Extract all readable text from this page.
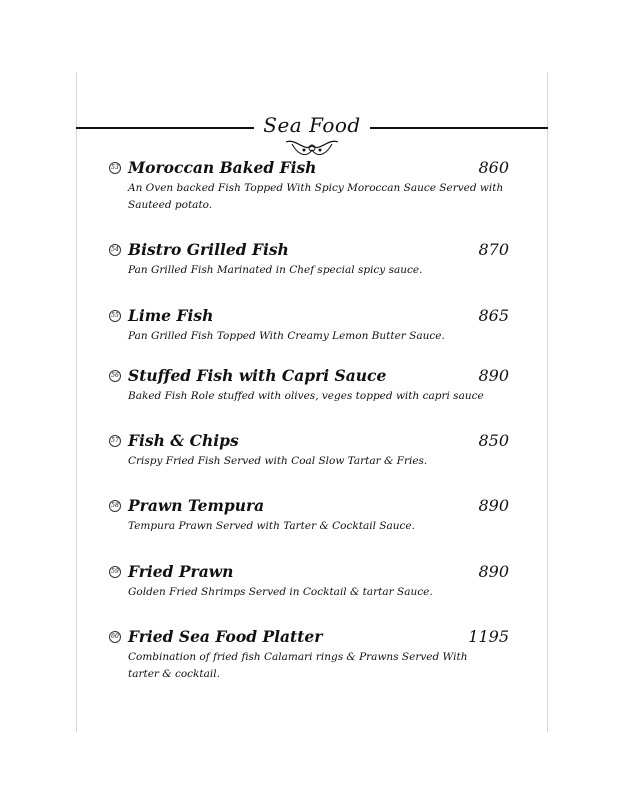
Sea Food
53 Moroccan Baked Fish	860
An Oven backed Fish Topped With Spicy Moroccan Sauce Served with Sauteed potato.
54 Bistro Grilled Fish	870
Pan Grilled Fish Marinated in Chef special spicy sauce.
55 Lime Fish	865
Pan Grilled Fish Topped With Creamy Lemon Butter Sauce.
56 Stuffed Fish with Capri Sauce	890
Baked Fish Role stuffed with olives, veges topped with capri sauce
57 Fish & Chips	850
Crispy Fried Fish Served with Coal Slow Tartar & Fries.
58 Prawn Tempura	890
Tempura Prawn Served with Tarter & Cocktail Sauce.
59 Fried Prawn	890
Golden Fried Shrimps Served in Cocktail & tartar Sauce.
60 Fried Sea Food Platter	1195
Combination of fried fish Calamari rings & Prawns Served With tarter & cocktail.
